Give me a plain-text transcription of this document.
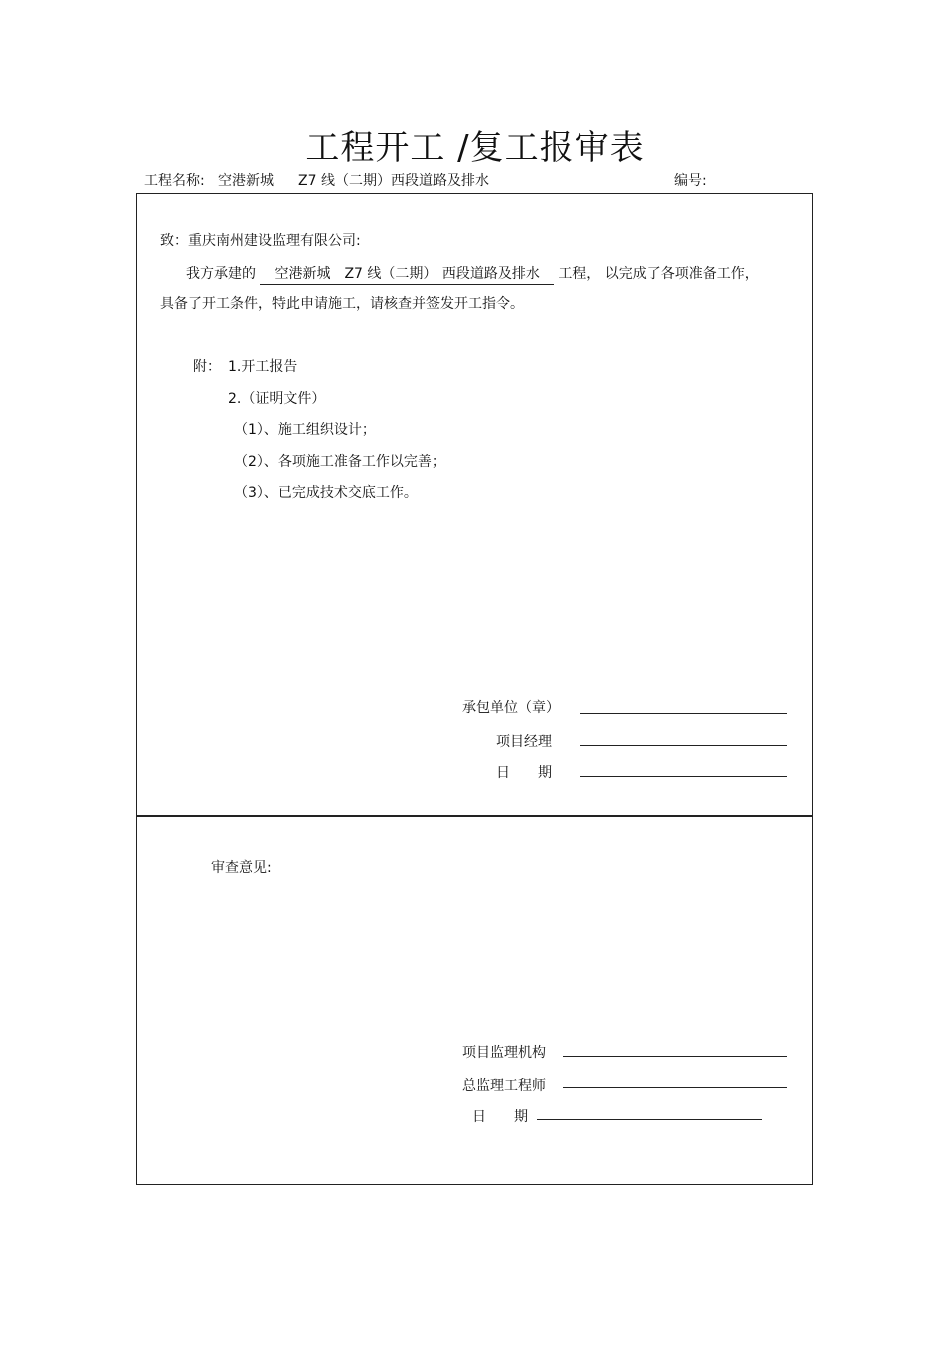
工程开工 /复工报审表
工程名称: 空港新城 Z7 线（二期）西段道路及排水	编号:
致：重庆南州建设监理有限公司:
我方承建的 空港新城　Z7 线（二期） 西段道路及排水 工程， 以完成了各项准备工作，
具备了开工条件，特此申请施工，请核查并签发开工指令。
附： 1.开工报告
2.（证明文件）
（1）、施工组织设计；
（2）、各项施工准备工作以完善；
（3）、已完成技术交底工作。
承包单位（章）
项目经理
日　　期
审查意见:
项目监理机构
总监理工程师
日　　期
